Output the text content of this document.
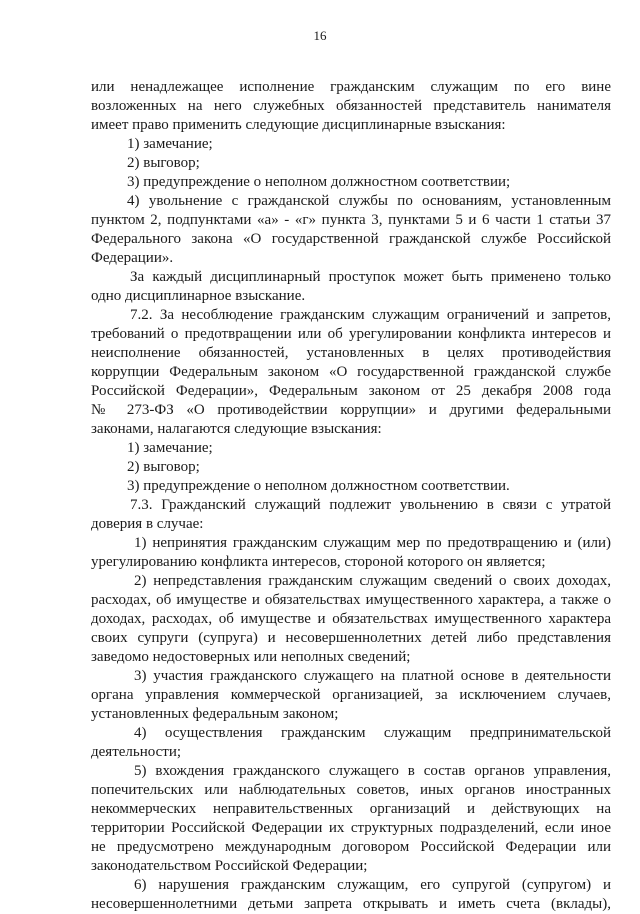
16
или ненадлежащее исполнение гражданским служащим по его вине
возложенных на него служебных обязанностей представитель нанимателя
имеет право применить следующие дисциплинарные взыскания:
1) замечание;
2) выговор;
3) предупреждение о неполном должностном соответствии;
4) увольнение с гражданской службы по основаниям, установленным
пунктом 2, подпунктами «а» - «г» пункта 3, пунктами 5 и 6 части 1 статьи 37
Федерального закона «О государственной гражданской службе Российской
Федерации».
За каждый дисциплинарный проступок может быть применено только
одно дисциплинарное взыскание.
7.2. За несоблюдение гражданским служащим ограничений и запретов,
требований о предотвращении или об урегулировании конфликта интересов и
неисполнение обязанностей, установленных в целях противодействия
коррупции Федеральным законом «О государственной гражданской службе
Российской Федерации», Федеральным законом от 25 декабря 2008 года
№ 273-ФЗ «О противодействии коррупции» и другими федеральными
законами, налагаются следующие взыскания:
1) замечание;
2) выговор;
3) предупреждение о неполном должностном соответствии.
7.3. Гражданский служащий подлежит увольнению в связи с утратой
доверия в случае:
1) непринятия гражданским служащим мер по предотвращению и (или)
урегулированию конфликта интересов, стороной которого он является;
2) непредставления гражданским служащим сведений о своих доходах,
расходах, об имуществе и обязательствах имущественного характера, а также о
доходах, расходах, об имуществе и обязательствах имущественного характера
своих супруги (супруга) и несовершеннолетних детей либо представления
заведомо недостоверных или неполных сведений;
3) участия гражданского служащего на платной основе в деятельности
органа управления коммерческой организацией, за исключением случаев,
установленных федеральным законом;
4) осуществления гражданским служащим предпринимательской
деятельности;
5) вхождения гражданского служащего в состав органов управления,
попечительских или наблюдательных советов, иных органов иностранных
некоммерческих неправительственных организаций и действующих на
территории Российской Федерации их структурных подразделений, если иное
не предусмотрено международным договором Российской Федерации или
законодательством Российской Федерации;
6) нарушения гражданским служащим, его супругой (супругом) и
несовершеннолетними детьми запрета открывать и иметь счета (вклады),
